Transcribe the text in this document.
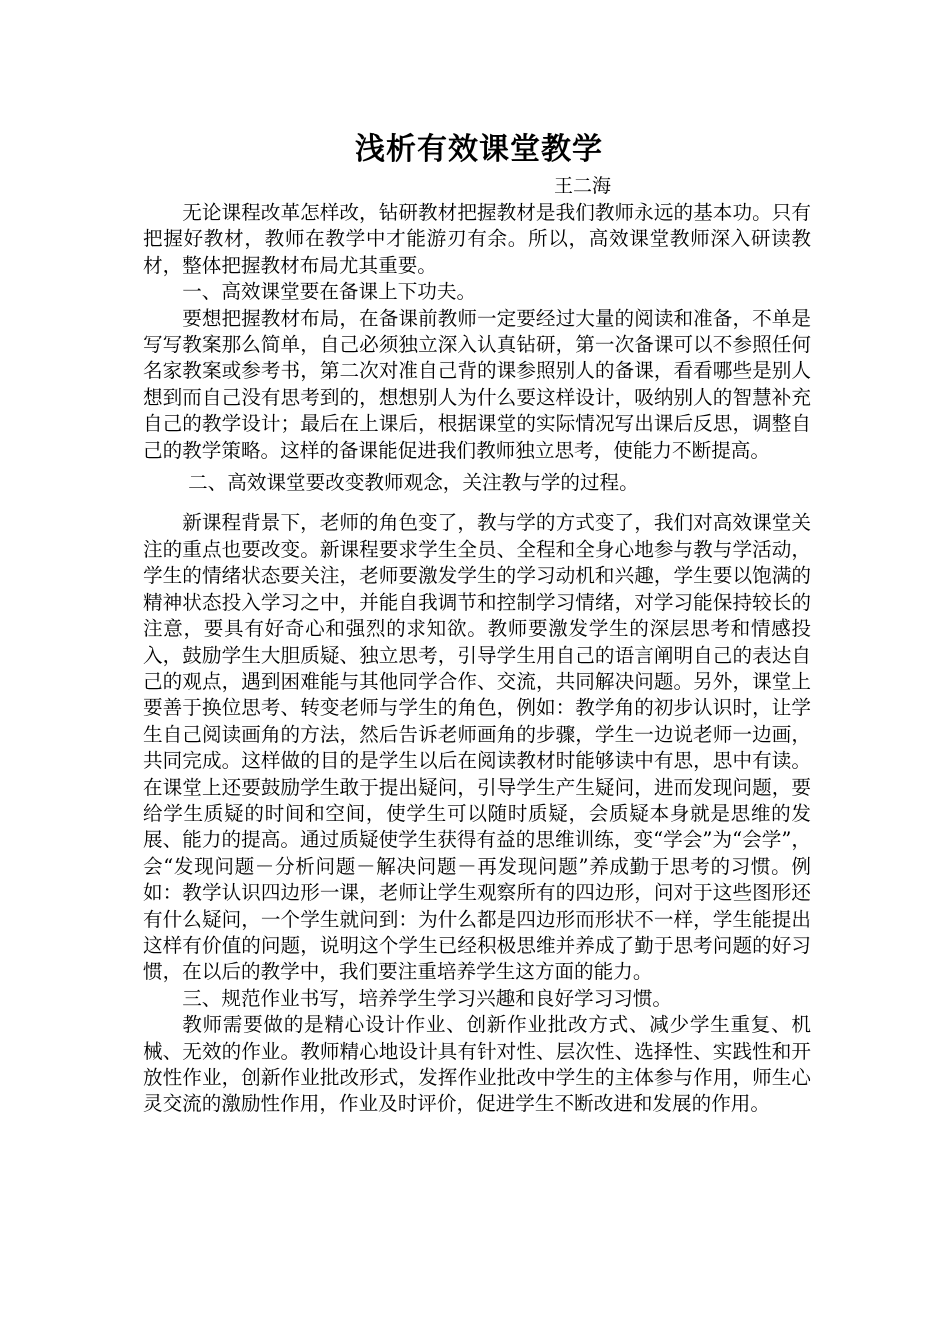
浅析有效课堂教学

王二海

无论课程改革怎样改，钻研教材把握教材是我们教师永远的基本功。只有把握好教材，教师在教学中才能游刃有余。所以，高效课堂教师深入研读教材，整体把握教材布局尤其重要。

一、高效课堂要在备课上下功夫。

要想把握教材布局，在备课前教师一定要经过大量的阅读和准备，不单是写写教案那么简单，自己必须独立深入认真钻研，第一次备课可以不参照任何名家教案或参考书，第二次对准自己背的课参照别人的备课，看看哪些是别人想到而自己没有思考到的，想想别人为什么要这样设计，吸纳别人的智慧补充自己的教学设计；最后在上课后，根据课堂的实际情况写出课后反思，调整自己的教学策略。这样的备课能促进我们教师独立思考，使能力不断提高。

二、高效课堂要改变教师观念，关注教与学的过程。

新课程背景下，老师的角色变了，教与学的方式变了，我们对高效课堂关注的重点也要改变。新课程要求学生全员、全程和全身心地参与教与学活动，学生的情绪状态要关注，老师要激发学生的学习动机和兴趣，学生要以饱满的精神状态投入学习之中，并能自我调节和控制学习情绪，对学习能保持较长的注意，要具有好奇心和强烈的求知欲。教师要激发学生的深层思考和情感投入，鼓励学生大胆质疑、独立思考，引导学生用自己的语言阐明自己的表达自己的观点，遇到困难能与其他同学合作、交流，共同解决问题。另外，课堂上要善于换位思考、转变老师与学生的角色，例如：教学角的初步认识时，让学生自己阅读画角的方法，然后告诉老师画角的步骤，学生一边说老师一边画，共同完成。这样做的目的是学生以后在阅读教材时能够读中有思，思中有读。在课堂上还要鼓励学生敢于提出疑问，引导学生产生疑问，进而发现问题，要给学生质疑的时间和空间，使学生可以随时质疑，会质疑本身就是思维的发展、能力的提高。通过质疑使学生获得有益的思维训练，变“学会”为“会学”，会“发现问题－分析问题－解决问题－再发现问题”养成勤于思考的习惯。例如：教学认识四边形一课，老师让学生观察所有的四边形，问对于这些图形还有什么疑问，一个学生就问到：为什么都是四边形而形状不一样，学生能提出这样有价值的问题，说明这个学生已经积极思维并养成了勤于思考问题的好习惯，在以后的教学中，我们要注重培养学生这方面的能力。

三、规范作业书写，培养学生学习兴趣和良好学习习惯。

教师需要做的是精心设计作业、创新作业批改方式、减少学生重复、机械、无效的作业。教师精心地设计具有针对性、层次性、选择性、实践性和开放性作业，创新作业批改形式，发挥作业批改中学生的主体参与作用，师生心灵交流的激励性作用，作业及时评价，促进学生不断改进和发展的作用。
